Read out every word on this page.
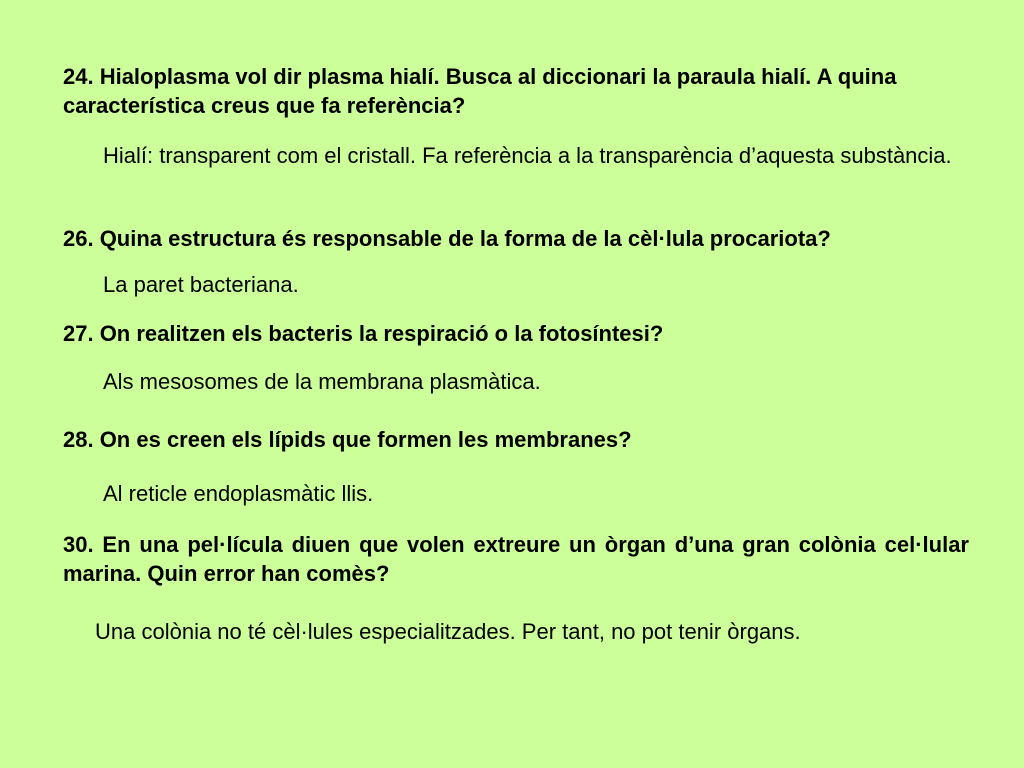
24. Hialoplasma vol dir plasma hialí. Busca al diccionari la paraula hialí. A quina característica creus que fa referència?

Hialí: transparent com el cristall. Fa referència a la transparència d’aquesta substància.

26. Quina estructura és responsable de la forma de la cèl·lula procariota?

La paret bacteriana.

27. On realitzen els bacteris la respiració o la fotosíntesi?

Als mesosomes de la membrana plasmàtica.

28. On es creen els lípids que formen les membranes?

Al reticle endoplasmàtic llis.

30. En una pel·lícula diuen que volen extreure un òrgan d’una gran colònia cel·lular marina. Quin error han comès?

Una colònia no té cèl·lules especialitzades. Per tant, no pot tenir òrgans.
